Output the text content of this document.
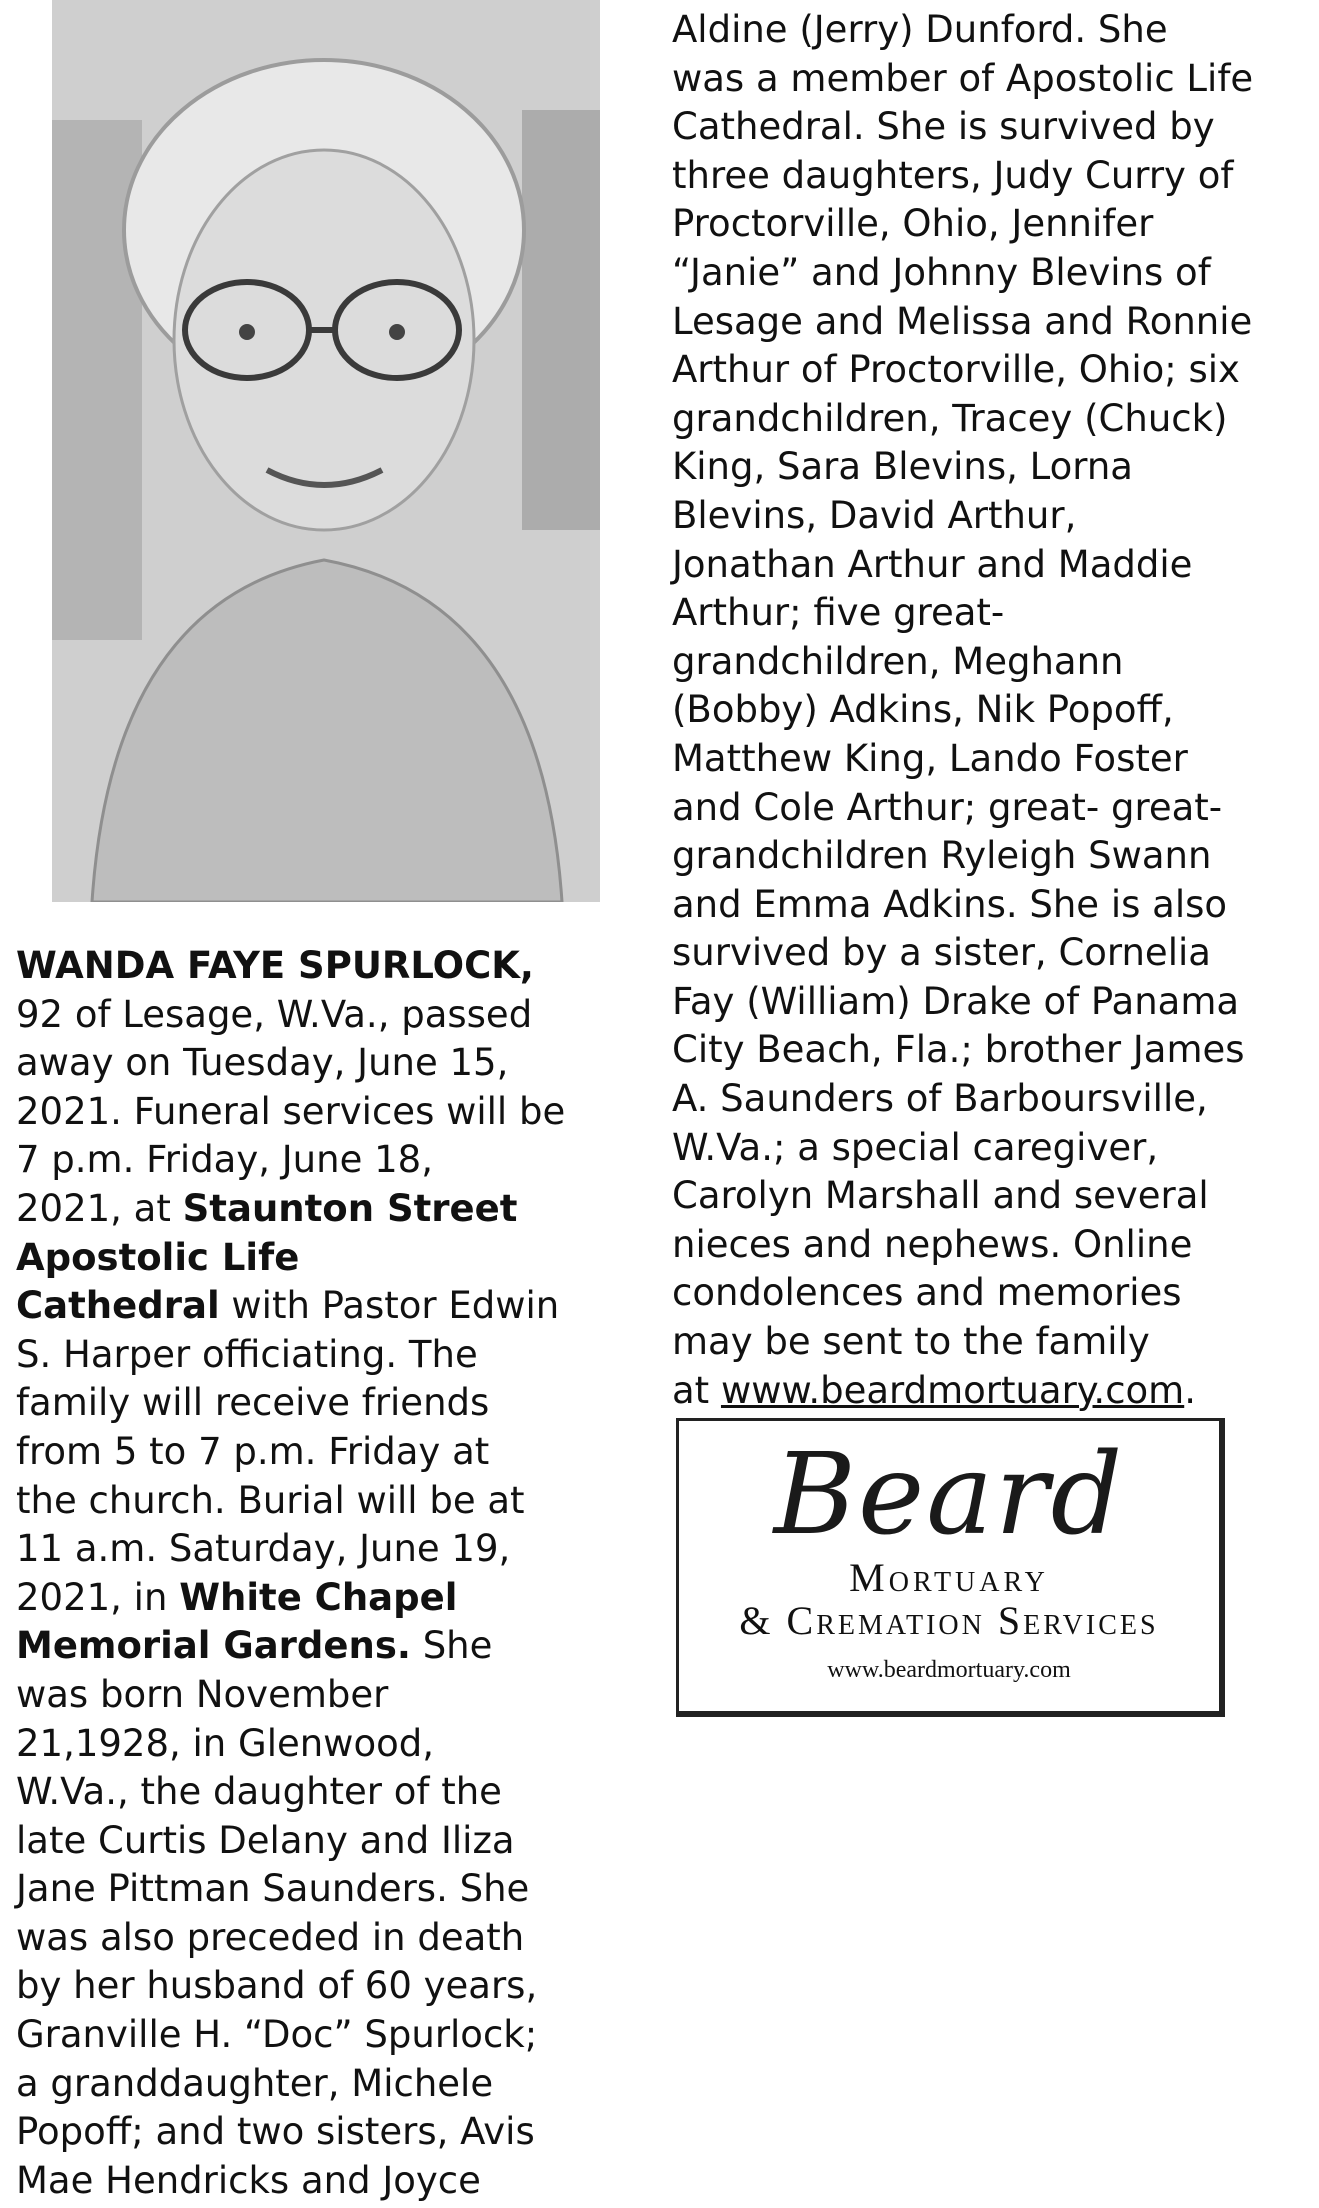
WANDA FAYE SPURLOCK,
92 of Lesage, W.Va., passed
away on Tuesday, June 15,
2021. Funeral services will be
7 p.m. Friday, June 18,
2021, at Staunton Street
Apostolic Life
Cathedral with Pastor Edwin
S. Harper officiating. The
family will receive friends
from 5 to 7 p.m. Friday at
the church. Burial will be at
11 a.m. Saturday, June 19,
2021, in White Chapel
Memorial Gardens. She
was born November
21,1928, in Glenwood,
W.Va., the daughter of the
late Curtis Delany and Iliza
Jane Pittman Saunders. She
was also preceded in death
by her husband of 60 years,
Granville H. “Doc” Spurlock;
a granddaughter, Michele
Popoff; and two sisters, Avis
Mae Hendricks and Joyce

Aldine (Jerry) Dunford. She
was a member of Apostolic Life
Cathedral. She is survived by
three daughters, Judy Curry of
Proctorville, Ohio, Jennifer
“Janie” and Johnny Blevins of
Lesage and Melissa and Ronnie
Arthur of Proctorville, Ohio; six
grandchildren, Tracey (Chuck)
King, Sara Blevins, Lorna
Blevins, David Arthur,
Jonathan Arthur and Maddie
Arthur; five great-
grandchildren, Meghann
(Bobby) Adkins, Nik Popoff,
Matthew King, Lando Foster
and Cole Arthur; great- great-
grandchildren Ryleigh Swann
and Emma Adkins. She is also
survived by a sister, Cornelia
Fay (William) Drake of Panama
City Beach, Fla.; brother James
A. Saunders of Barboursville,
W.Va.; a special caregiver,
Carolyn Marshall and several
nieces and nephews. Online
condolences and memories
may be sent to the family
at www.beardmortuary.com.

Beard
Mortuary
& Cremation Services
www.beardmortuary.com
